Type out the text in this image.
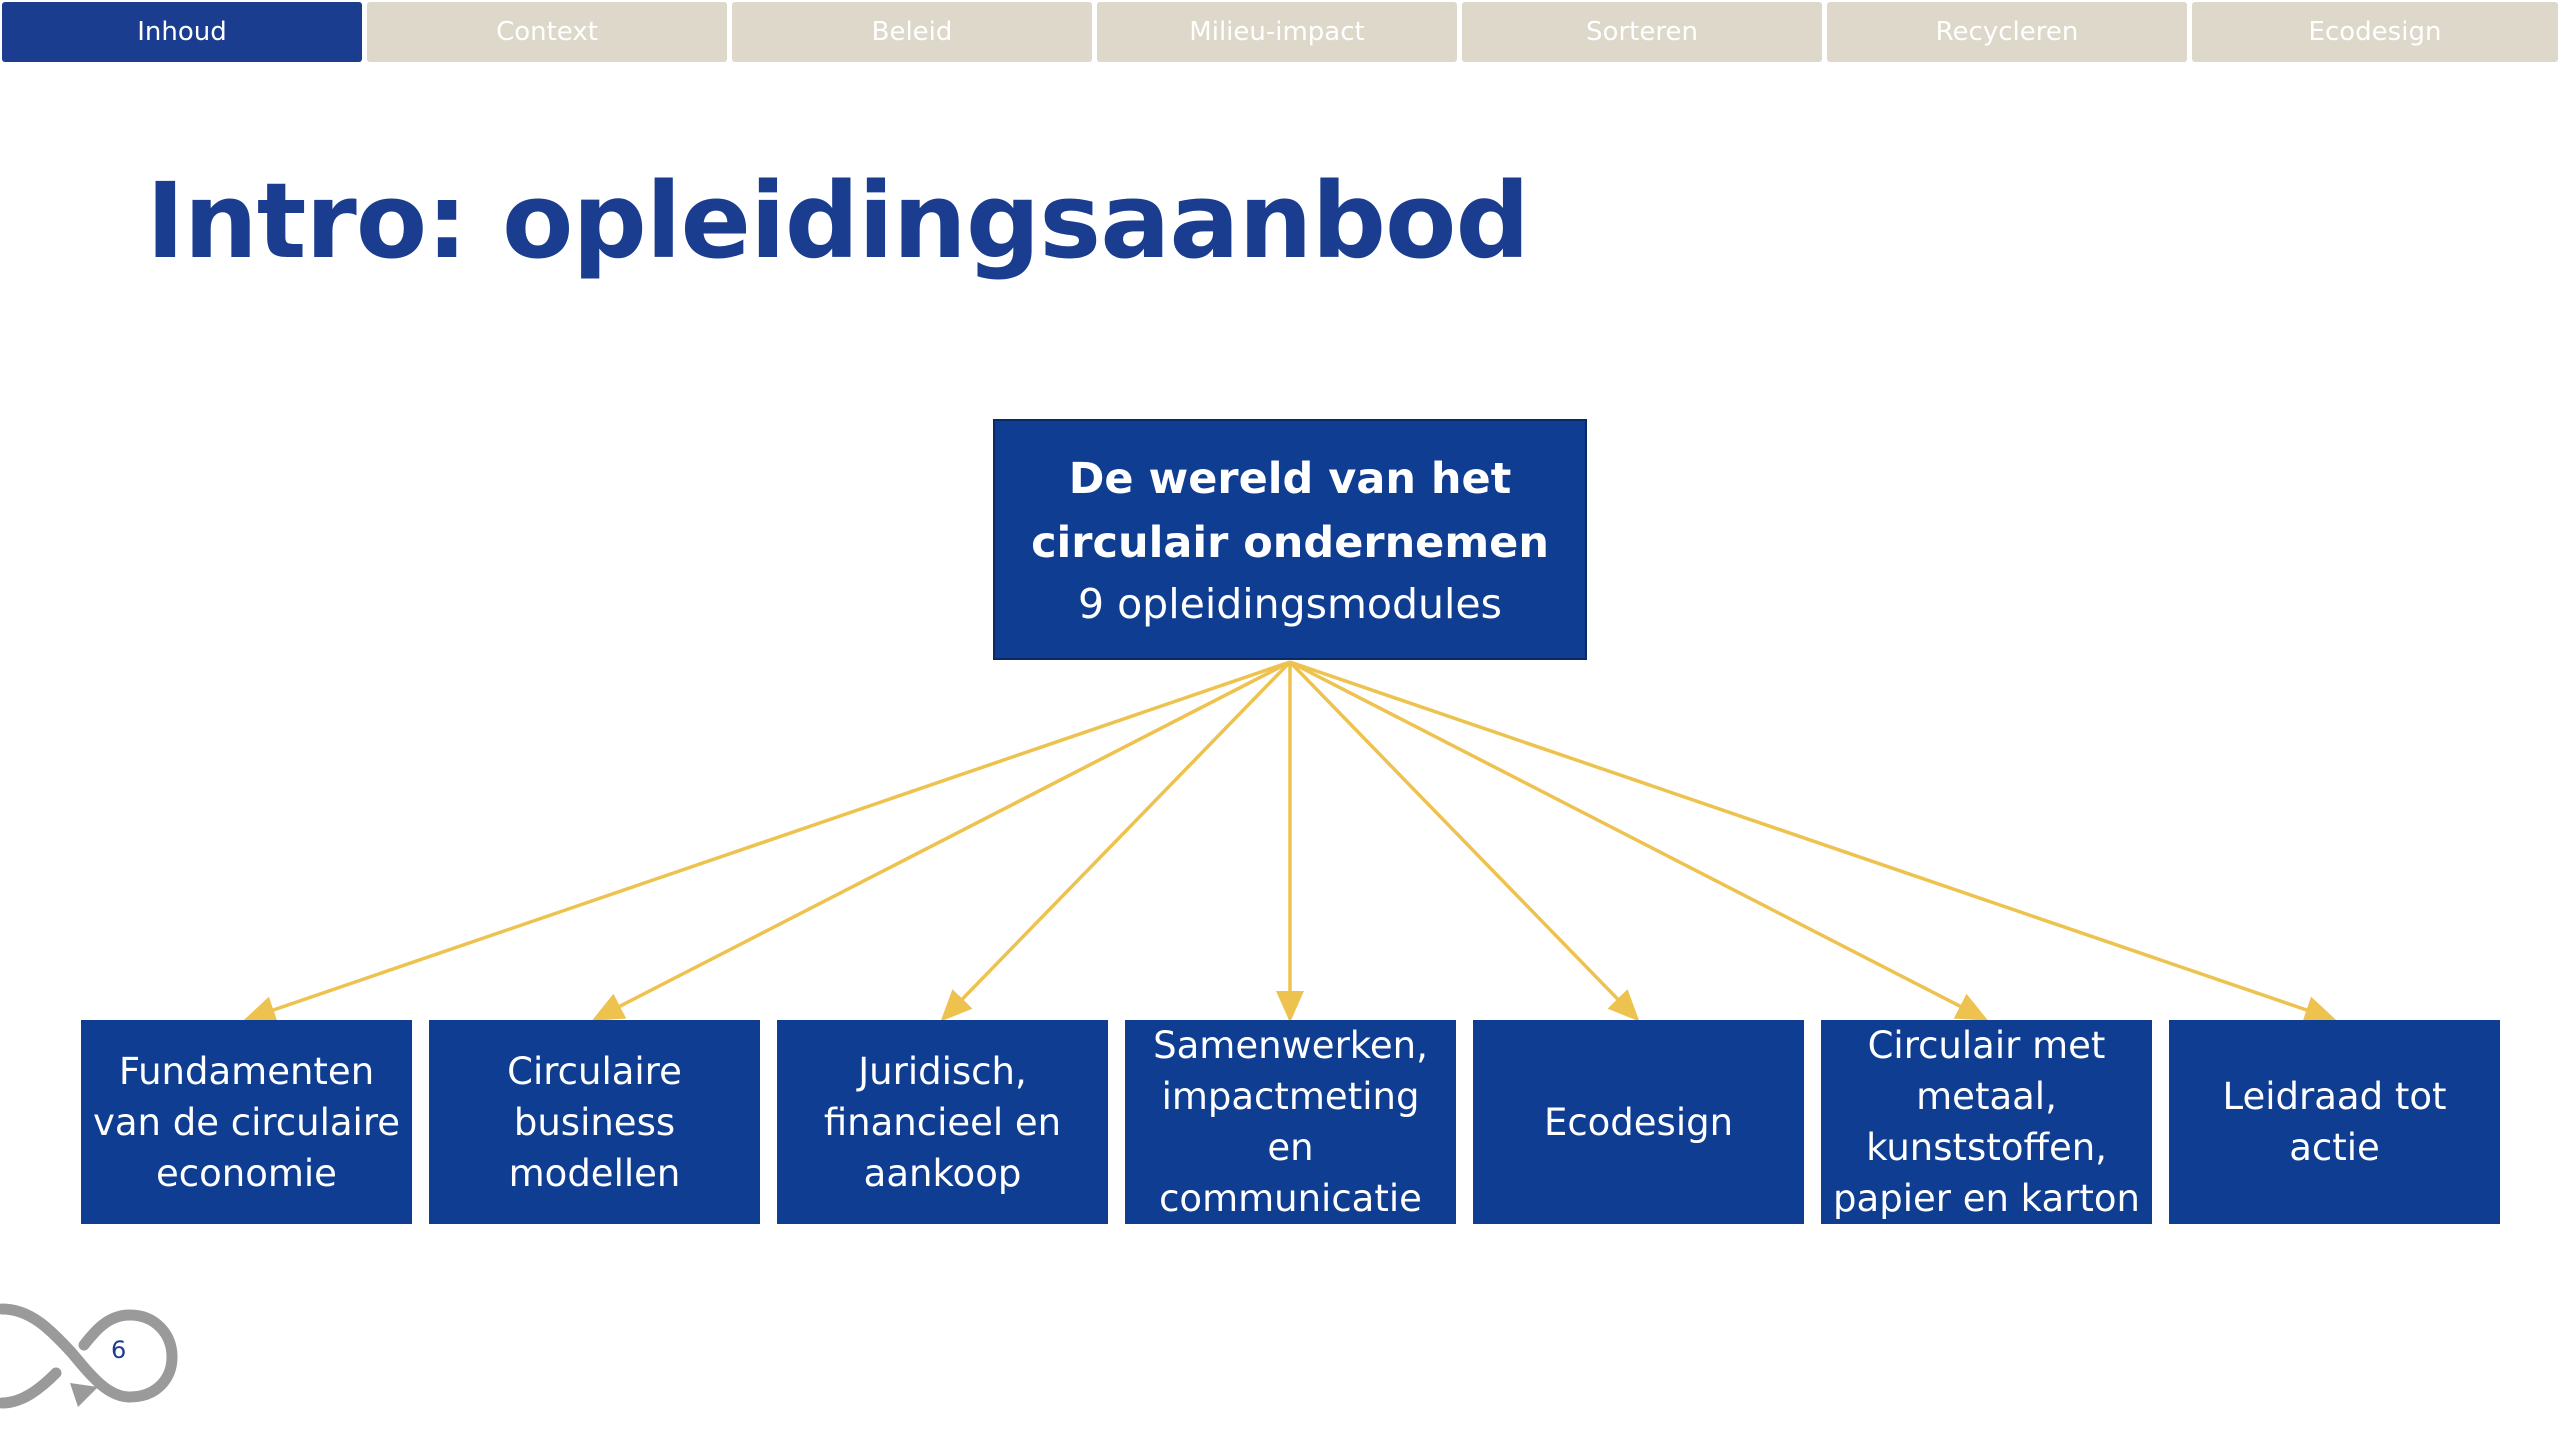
Inhoud	Context	Beleid	Milieu-impact	Sorteren	Recycleren	Ecodesign
Intro: opleidingsaanbod
De wereld van het
circulair ondernemen
9 opleidingsmodules
Fundamenten
van de circulaire
economie
Circulaire
business
modellen
Juridisch,
financieel en
aankoop
Samenwerken,
impactmeting
en
communicatie
Ecodesign
Circulair met
metaal,
kunststoffen,
papier en karton
Leidraad tot
actie
6
